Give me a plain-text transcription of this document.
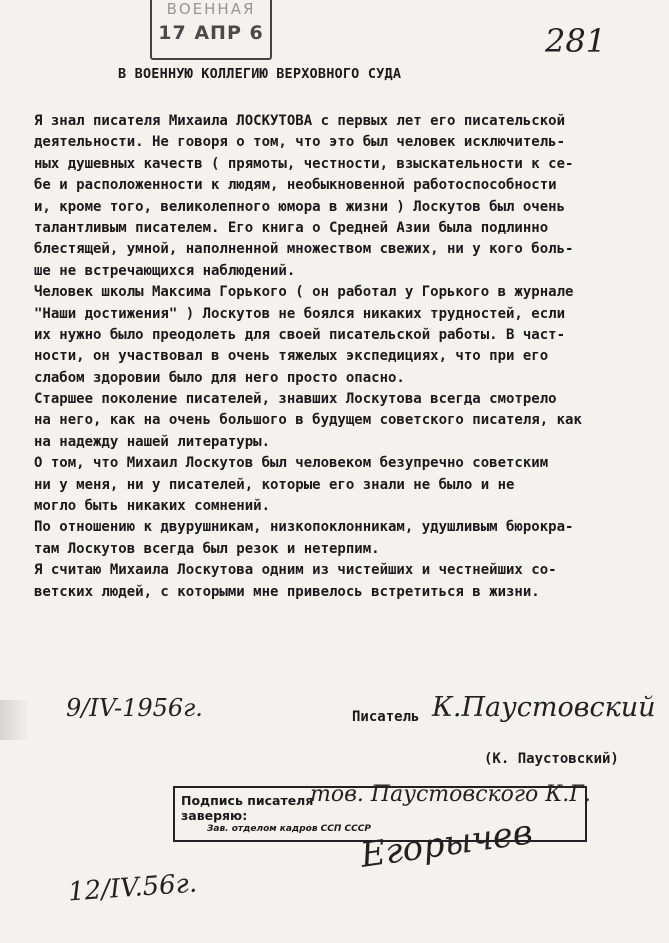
ВОЕННАЯ
17 АПР 6	281
В ВОЕННУЮ КОЛЛЕГИЮ ВЕРХОВНОГО СУДА
Я знал писателя Михаила ЛОСКУТОВА с первых лет его писательской
деятельности. Не говоря о том, что это был человек исключитель-
ных душевных качеств ( прямоты, честности, взыскательности к се-
бе и расположенности к людям, необыкновенной работоспособности
и, кроме того, великолепного юмора в жизни ) Лоскутов был очень
талантливым писателем. Его книга о Средней Азии была подлинно
блестящей, умной, наполненной множеством свежих, ни у кого боль-
ше не встречающихся наблюдений.
Человек школы Максима Горького ( он работал у Горького в журнале
"Наши достижения" ) Лоскутов не боялся никаких трудностей, если
их нужно было преодолеть для своей писательской работы. В част-
ности, он участвовал в очень тяжелых экспедициях, что при его
слабом здоровии было для него просто опасно.
Старшее поколение писателей, знавших Лоскутова всегда смотрело
на него, как на очень большого в будущем советского писателя, как
на надежду нашей литературы.
О том, что Михаил Лоскутов был человеком безупречно советским
ни у меня, ни у писателей, которые его знали не было и не
могло быть никаких сомнений.
По отношению к двурушникам, низкопоклонникам, удушливым бюрокра-
там Лоскутов всегда был резок и нетерпим.
Я считаю Михаила Лоскутова одним из чистейших и честнейших со-
ветских людей, с которыми мне привелось встретиться в жизни.
9/IV-1956г.	Писатель К.Паустовский
(К. Паустовский)
Подпись писателя
заверяю:
Зав. отделом кадров ССП СССР
тов. Паустовского К.Г.
Егорычев
12/IV.56г.
